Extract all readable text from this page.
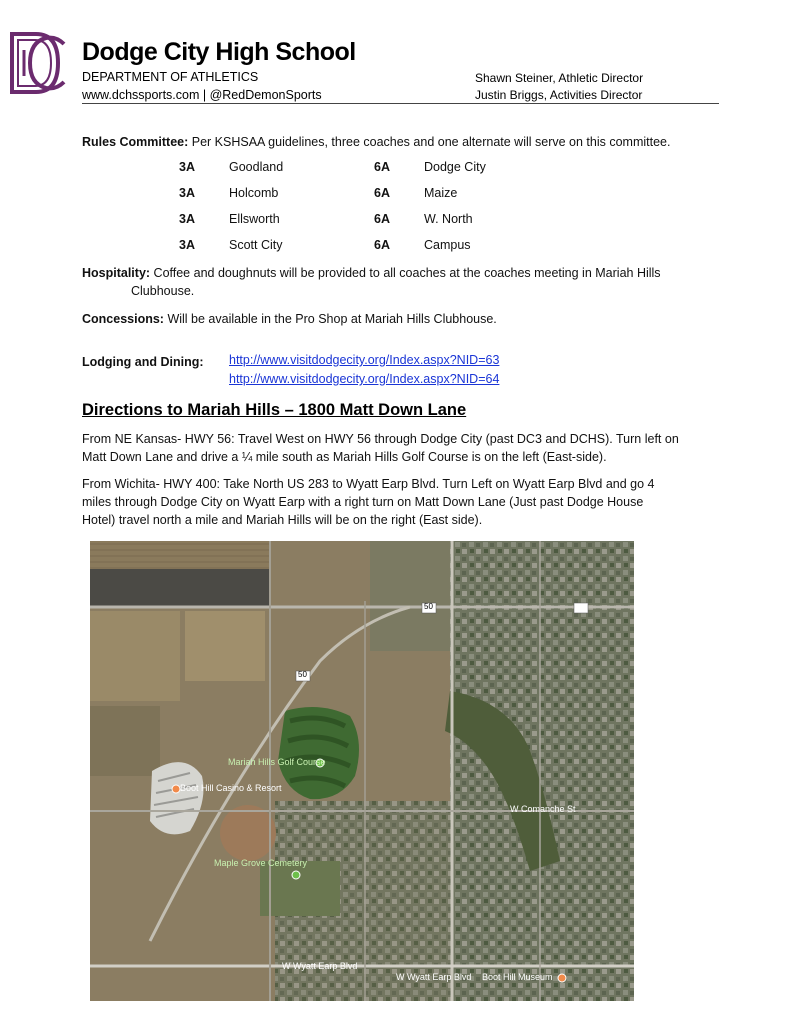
Dodge City High School
DEPARTMENT OF ATHLETICS
www.dchssports.com | @RedDemonSports
Shawn Steiner, Athletic Director
Justin Briggs, Activities Director
Rules Committee: Per KSHSAA guidelines, three coaches and one alternate will serve on this committee.
3A	Goodland	6A	Dodge City
3A	Holcomb	6A	Maize
3A	Ellsworth	6A	W. North
3A	Scott City	6A	Campus
Hospitality: Coffee and doughnuts will be provided to all coaches at the coaches meeting in Mariah Hills
Clubhouse.
Concessions: Will be available in the Pro Shop at Mariah Hills Clubhouse.
Lodging and Dining: http://www.visitdodgecity.org/Index.aspx?NID=63
http://www.visitdodgecity.org/Index.aspx?NID=64
Directions to Mariah Hills – 1800 Matt Down Lane
From NE Kansas- HWY 56: Travel West on HWY 56 through Dodge City (past DC3 and DCHS). Turn left on
Matt Down Lane and drive a ¼ mile south as Mariah Hills Golf Course is on the left (East-side).
From Wichita- HWY 400: Take North US 283 to Wyatt Earp Blvd. Turn Left on Wyatt Earp Blvd and go 4
miles through Dodge City on Wyatt Earp with a right turn on Matt Down Lane (Just past Dodge House
Hotel) travel north a mile and Mariah Hills will be on the right (East side).
Mariah Hills Golf Course
Boot Hill Casino & Resort
Maple Grove Cemetery
W Comanche St
W Wyatt Earp Blvd
W Wyatt Earp Blvd Boot Hill Museum
50
50
